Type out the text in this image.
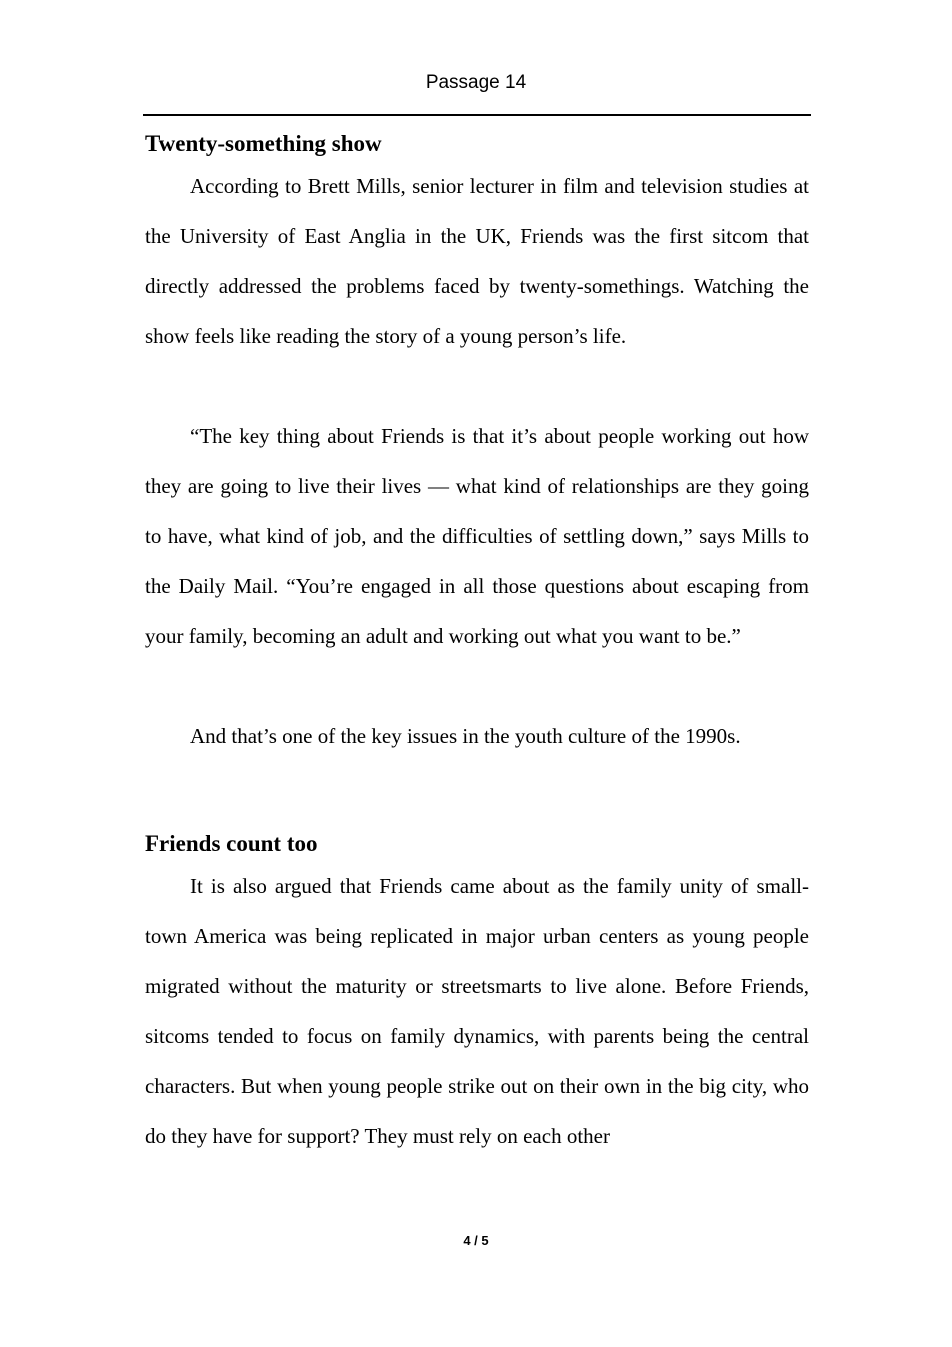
Passage 14
Twenty-something show

According to Brett Mills, senior lecturer in film and television studies at the University of East Anglia in the UK, Friends was the first sitcom that directly addressed the problems faced by twenty-somethings. Watching the show feels like reading the story of a young person’s life.

“The key thing about Friends is that it’s about people working out how they are going to live their lives — what kind of relationships are they going to have, what kind of job, and the difficulties of settling down,” says Mills to the Daily Mail. “You’re engaged in all those questions about escaping from your family, becoming an adult and working out what you want to be.”

And that’s one of the key issues in the youth culture of the 1990s.

Friends count too

It is also argued that Friends came about as the family unity of small-town America was being replicated in major urban centers as young people migrated without the maturity or streetsmarts to live alone. Before Friends, sitcoms tended to focus on family dynamics, with parents being the central characters. But when young people strike out on their own in the big city, who do they have for support? They must rely on each other

4 / 5
